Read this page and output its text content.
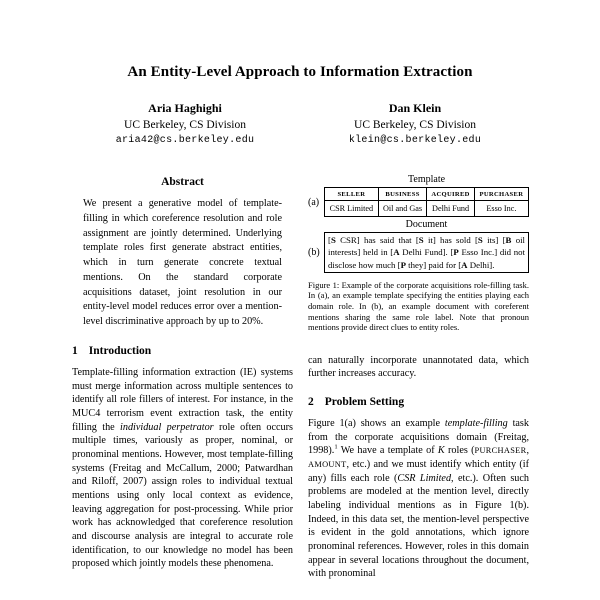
An Entity-Level Approach to Information Extraction
Aria Haghighi
UC Berkeley, CS Division
aria42@cs.berkeley.edu
Dan Klein
UC Berkeley, CS Division
klein@cs.berkeley.edu
Abstract
We present a generative model of template-filling in which coreference resolution and role assignment are jointly determined. Underlying template roles first generate abstract entities, which in turn generate concrete textual mentions. On the standard corporate acquisitions dataset, joint resolution in our entity-level model reduces error over a mention-level discriminative approach by up to 20%.
1 Introduction
Template-filling information extraction (IE) systems must merge information across multiple sentences to identify all role fillers of interest. For instance, in the MUC4 terrorism event extraction task, the entity filling the individual perpetrator role often occurs multiple times, variously as proper, nominal, or pronominal mentions. However, most template-filling systems (Freitag and McCallum, 2000; Patwardhan and Riloff, 2007) assign roles to individual textual mentions using only local context as evidence, leaving aggregation for post-processing. While prior work has acknowledged that coreference resolution and discourse analysis are integral to accurate role identification, to our knowledge no model has been proposed which jointly models these phenomena.
Template
(a)
SELLER	BUSINESS	ACQUIRED	PURCHASER
CSR Limited	Oil and Gas	Delhi Fund	Esso Inc.
Document
(b)
[S CSR] has said that [S it] has sold [S its] [B oil interests] held in [A Delhi Fund]. [P Esso Inc.] did not disclose how much [P they] paid for [A Delhi].
Figure 1: Example of the corporate acquisitions role-filling task. In (a), an example template specifying the entities playing each domain role. In (b), an example document with coreferent mentions sharing the same role label. Note that pronoun mentions provide direct clues to entity roles.
can naturally incorporate unannotated data, which further increases accuracy.
2 Problem Setting
Figure 1(a) shows an example template-filling task from the corporate acquisitions domain (Freitag, 1998).$^1$ We have a template of K roles (PURCHASER, AMOUNT, etc.) and we must identify which entity (if any) fills each role (CSR Limited, etc.). Often such problems are modeled at the mention level, directly labeling individual mentions as in Figure 1(b). Indeed, in this data set, the mention-level perspective is evident in the gold annotations, which ignore pronominal references. However, roles in this domain appear in several locations throughout the document, with pronominal
